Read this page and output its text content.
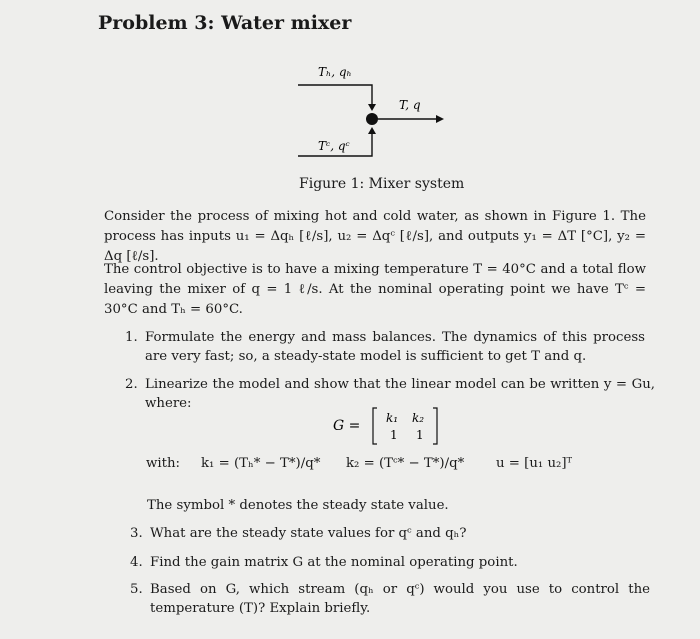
Problem 3: Water mixer
Tₕ, qₕ
T, q
Tᶜ, qᶜ
Figure 1: Mixer system
Consider the process of mixing hot and cold water, as shown in Figure 1. The process has inputs u₁ = Δqₕ [ℓ/s], u₂ = Δqᶜ [ℓ/s], and outputs y₁ = ΔT [°C], y₂ = Δq [ℓ/s].
The control objective is to have a mixing temperature T = 40°C and a total flow leaving the mixer of q = 1 ℓ/s. At the nominal operating point we have Tᶜ = 30°C and Tₕ = 60°C.
1. Formulate the energy and mass balances. The dynamics of this process are very fast; so, a steady-state model is sufficient to get T and q.
2. Linearize the model and show that the linear model can be written y = Gu, where:
G = k₁ k₂
1 1
with: k₁ = (Tₕ* − T*)/q* k₂ = (Tᶜ* − T*)/q* u = [u₁ u₂]ᵀ
The symbol * denotes the steady state value.
3. What are the steady state values for qᶜ and qₕ?
4. Find the gain matrix G at the nominal operating point.
5. Based on G, which stream (qₕ or qᶜ) would you use to control the temperature (T)? Explain briefly.
